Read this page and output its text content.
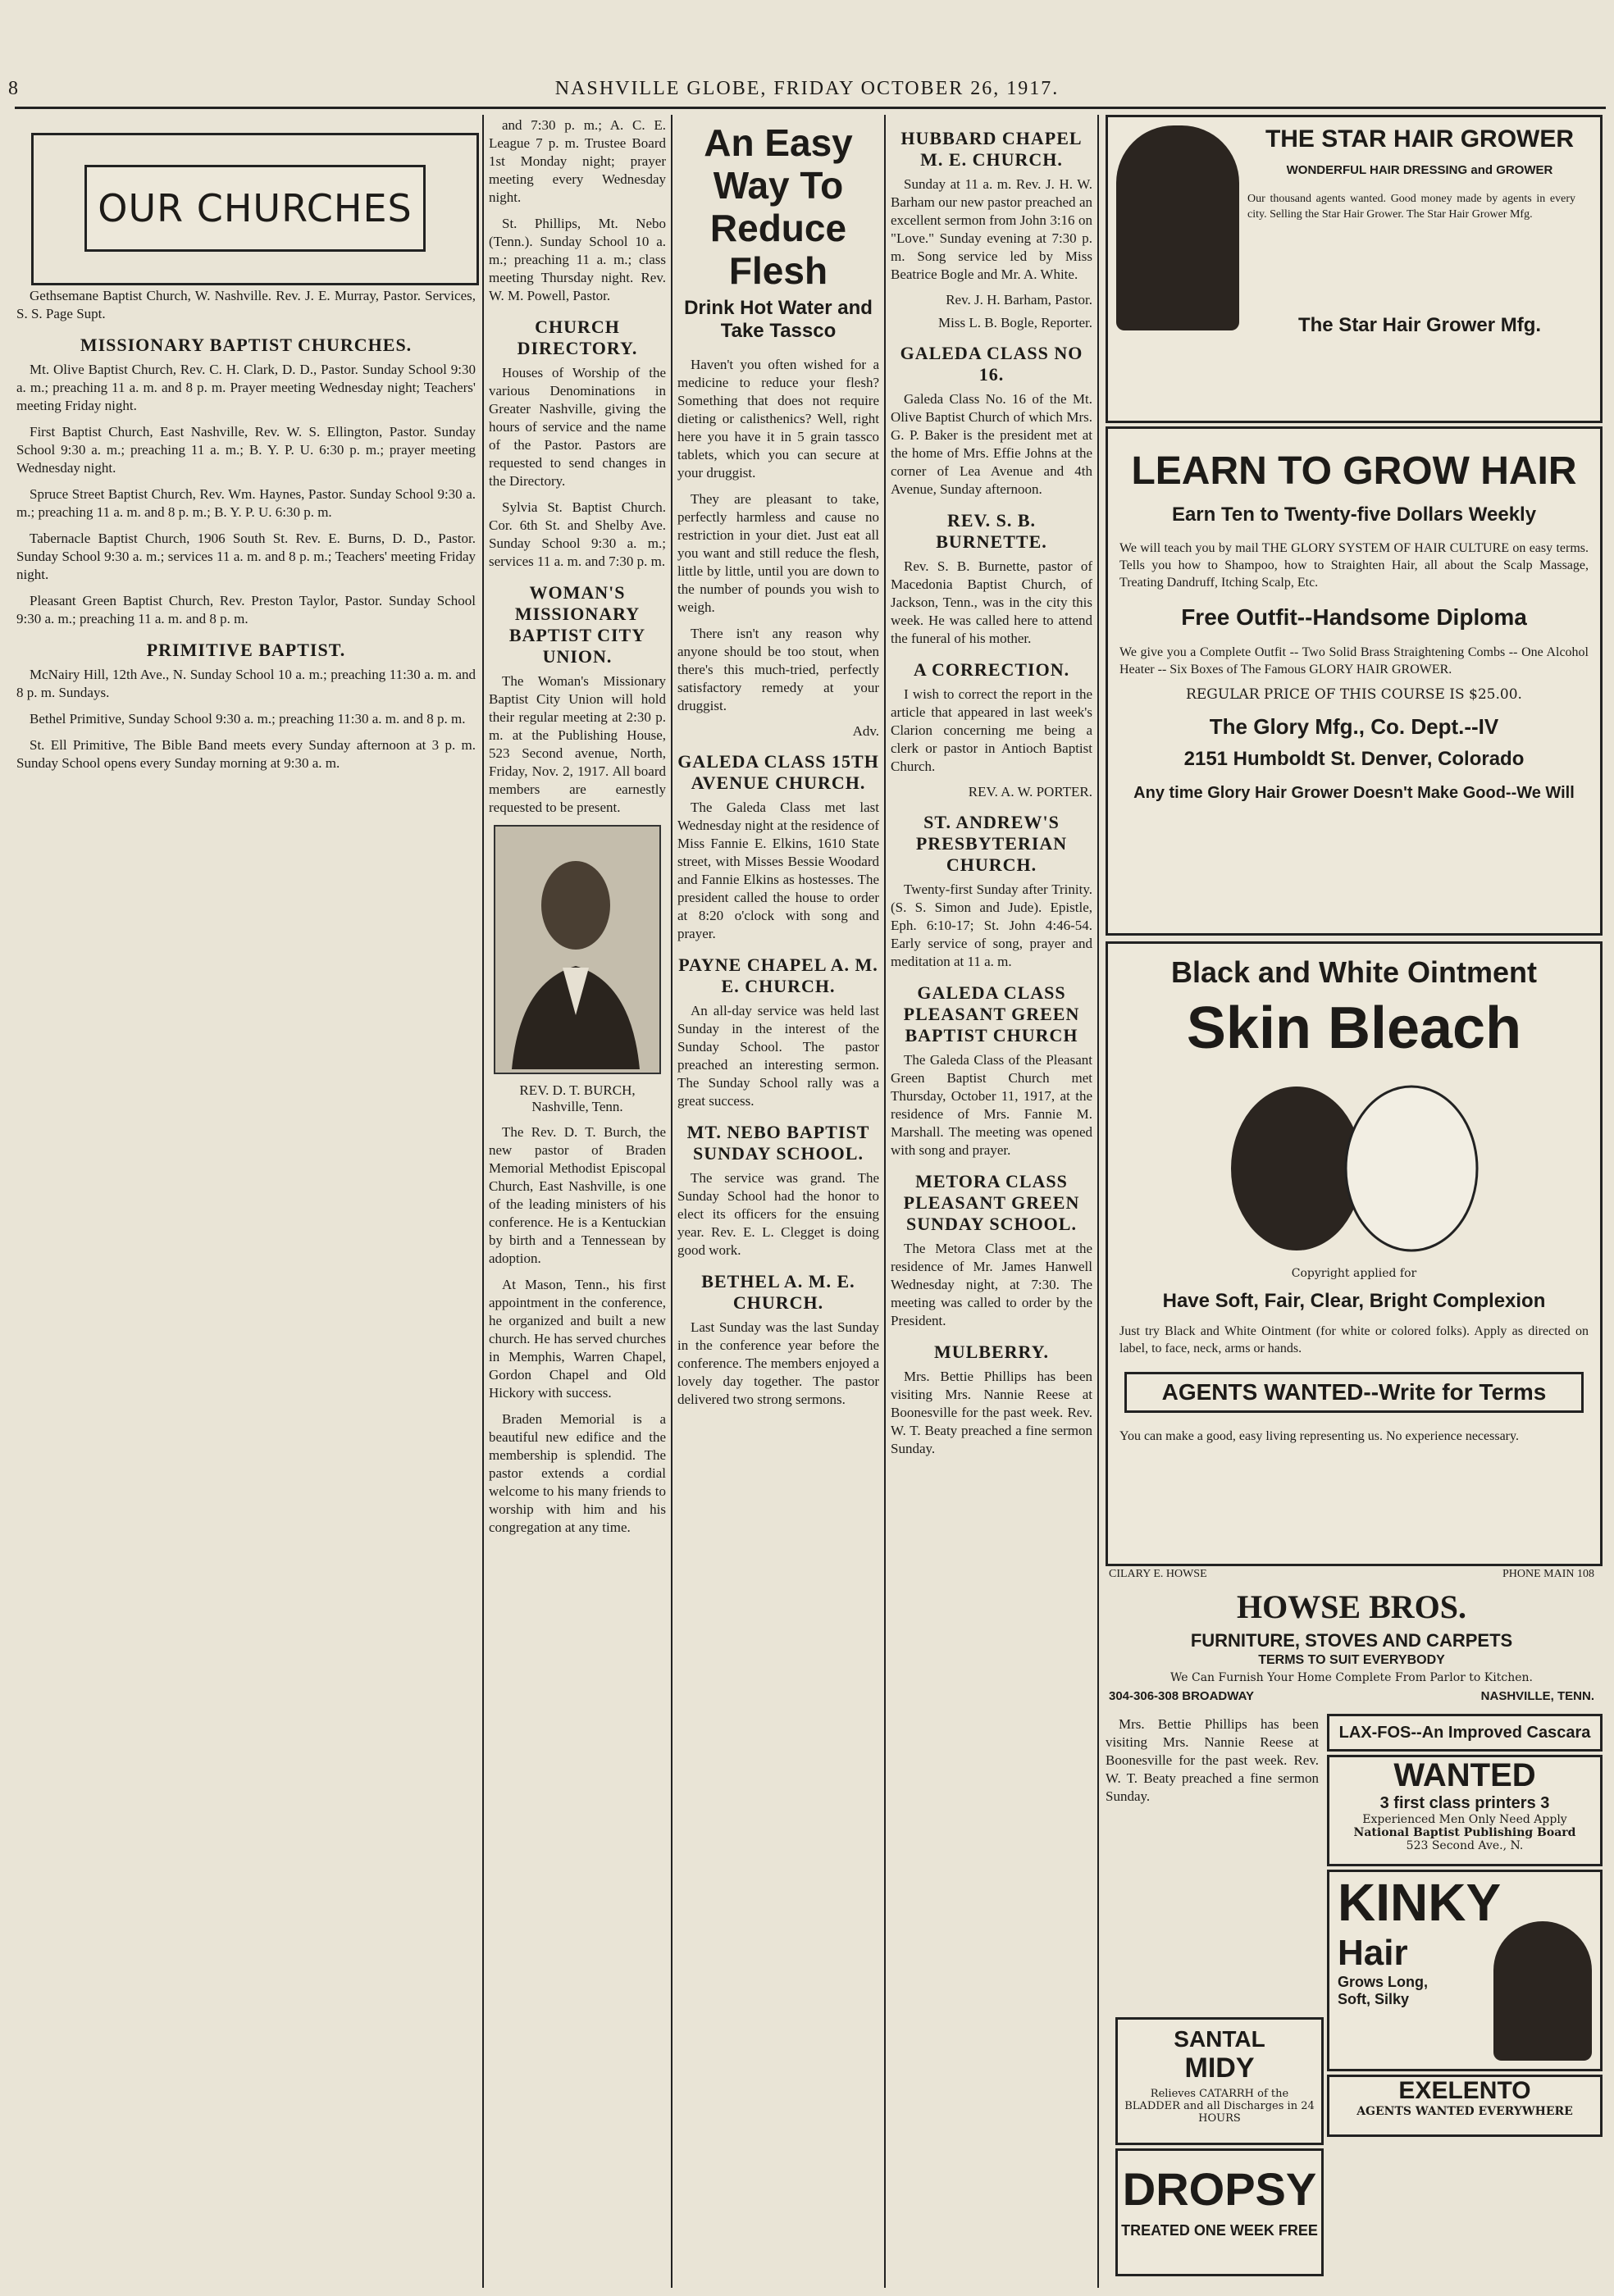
8	NASHVILLE GLOBE, FRIDAY OCTOBER 26, 1917.
OUR CHURCHES

Gethsemane Baptist Church, W. Nashville. Rev. J. E. Murray, Pastor. Services, S. S. Page Supt.

MISSIONARY BAPTIST CHURCHES.

Mt. Olive Baptist Church, Rev. C. H. Clark, D. D., Pastor. Sunday School 9:30 a. m.; preaching 11 a. m. and 8 p. m. Prayer meeting Wednesday night; Teachers' meeting Friday night.

First Baptist Church, East Nashville, Rev. W. S. Ellington, Pastor. Sunday School 9:30 a. m.; preaching 11 a. m.; B. Y. P. U. 6:30 p. m.; prayer meeting Wednesday night.

Spruce Street Baptist Church, Rev. Wm. Haynes, Pastor. Sunday School 9:30 a. m.; preaching 11 a. m. and 8 p. m.; B. Y. P. U. 6:30 p. m.

Tabernacle Baptist Church, 1906 South St. Rev. E. Burns, D. D., Pastor. Sunday School 9:30 a. m.; services 11 a. m. and 8 p. m.; Teachers' meeting Friday night.

Pleasant Green Baptist Church, Rev. Preston Taylor, Pastor. Sunday School 9:30 a. m.; preaching 11 a. m. and 8 p. m.

PRIMITIVE BAPTIST.

McNairy Hill, 12th Ave., N. Sunday School 10 a. m.; preaching 11:30 a. m. and 8 p. m. Sundays.

Bethel Primitive, Sunday School 9:30 a. m.; preaching 11:30 a. m. and 8 p. m.

St. Ell Primitive, The Bible Band meets every Sunday afternoon at 3 p. m. Sunday School opens every Sunday morning at 9:30 a. m.

and 7:30 p. m.; A. C. E. League 7 p. m. Trustee Board 1st Monday night; prayer meeting every Wednesday night.

St. Phillips, Mt. Nebo (Tenn.). Sunday School 10 a. m.; preaching 11 a. m.; class meeting Thursday night. Rev. W. M. Powell, Pastor.

CHURCH DIRECTORY.

Houses of Worship of the various Denominations in Greater Nashville, giving the hours of service and the name of the Pastor. Pastors are requested to send changes in the Directory.

Sylvia St. Baptist Church. Cor. 6th St. and Shelby Ave. Sunday School 9:30 a. m.; services 11 a. m. and 7:30 p. m.

WOMAN'S MISSIONARY BAPTIST CITY UNION.

The Woman's Missionary Baptist City Union will hold their regular meeting at 2:30 p. m. at the Publishing House, 523 Second avenue, North, Friday, Nov. 2, 1917. All board members are earnestly requested to be present.

REV. D. T. BURCH,
Nashville, Tenn.

The Rev. D. T. Burch, the new pastor of Braden Memorial Methodist Episcopal Church, East Nashville, is one of the leading ministers of his conference. He is a Kentuckian by birth and a Tennessean by adoption.

At Mason, Tenn., his first appointment in the conference, he organized and built a new church. He has served churches in Memphis, Warren Chapel, Gordon Chapel and Old Hickory with success.

Braden Memorial is a beautiful new edifice and the membership is splendid. The pastor extends a cordial welcome to his many friends to worship with him and his congregation at any time.

An Easy Way To Reduce Flesh
Drink Hot Water and Take Tassco

Haven't you often wished for a medicine to reduce your flesh? Something that does not require dieting or calisthenics? Well, right here you have it in 5 grain tassco tablets, which you can secure at your druggist.

They are pleasant to take, perfectly harmless and cause no restriction in your diet. Just eat all you want and still reduce the flesh, little by little, until you are down to the number of pounds you wish to weigh.

There isn't any reason why anyone should be too stout, when there's this much-tried, perfectly satisfactory remedy at your druggist.

Adv.
GALEDA CLASS 15TH AVENUE CHURCH.

The Galeda Class met last Wednesday night at the residence of Miss Fannie E. Elkins, 1610 State street, with Misses Bessie Woodard and Fannie Elkins as hostesses. The president called the house to order at 8:20 o'clock with song and prayer.

PAYNE CHAPEL A. M. E. CHURCH.

An all-day service was held last Sunday in the interest of the Sunday School. The pastor preached an interesting sermon. The Sunday School rally was a great success.

MT. NEBO BAPTIST SUNDAY SCHOOL.

The service was grand. The Sunday School had the honor to elect its officers for the ensuing year. Rev. E. L. Clegget is doing good work.

BETHEL A. M. E. CHURCH.

Last Sunday was the last Sunday in the conference year before the conference. The members enjoyed a lovely day together. The pastor delivered two strong sermons.

HUBBARD CHAPEL M. E. CHURCH.

Sunday at 11 a. m. Rev. J. H. W. Barham our new pastor preached an excellent sermon from John 3:16 on "Love." Sunday evening at 7:30 p. m. Song service led by Miss Beatrice Bogle and Mr. A. White.

Rev. J. H. Barham, Pastor.
Miss L. B. Bogle, Reporter.
GALEDA CLASS NO 16.

Galeda Class No. 16 of the Mt. Olive Baptist Church of which Mrs. G. P. Baker is the president met at the home of Mrs. Effie Johns at the corner of Lea Avenue and 4th Avenue, Sunday afternoon.

REV. S. B. BURNETTE.

Rev. S. B. Burnette, pastor of Macedonia Baptist Church, of Jackson, Tenn., was in the city this week. He was called here to attend the funeral of his mother.

A CORRECTION.

I wish to correct the report in the article that appeared in last week's Clarion concerning me being a clerk or pastor in Antioch Baptist Church.

REV. A. W. PORTER.
ST. ANDREW'S PRESBYTERIAN CHURCH.

Twenty-first Sunday after Trinity. (S. S. Simon and Jude). Epistle, Eph. 6:10-17; St. John 4:46-54. Early service of song, prayer and meditation at 11 a. m.

GALEDA CLASS PLEASANT GREEN BAPTIST CHURCH

The Galeda Class of the Pleasant Green Baptist Church met Thursday, October 11, 1917, at the residence of Mrs. Fannie M. Marshall. The meeting was opened with song and prayer.

METORA CLASS PLEASANT GREEN SUNDAY SCHOOL.

The Metora Class met at the residence of Mr. James Hanwell Wednesday night, at 7:30. The meeting was called to order by the President.

MULBERRY.

Mrs. Bettie Phillips has been visiting Mrs. Nannie Reese at Boonesville for the past week. Rev. W. T. Beaty preached a fine sermon Sunday.

THE STAR HAIR GROWER
WONDERFUL HAIR DRESSING and GROWER
Our thousand agents wanted. Good money made by agents in every city. Selling the Star Hair Grower. The Star Hair Grower Mfg.
The Star Hair Grower Mfg.
LEARN TO GROW HAIR
Earn Ten to Twenty-five Dollars Weekly

We will teach you by mail THE GLORY SYSTEM OF HAIR CULTURE on easy terms. Tells you how to Shampoo, how to Straighten Hair, all about the Scalp Massage, Treating Dandruff, Itching Scalp, Etc.

Free Outfit--Handsome Diploma

We give you a Complete Outfit -- Two Solid Brass Straightening Combs -- One Alcohol Heater -- Six Boxes of The Famous GLORY HAIR GROWER.

REGULAR PRICE OF THIS COURSE IS $25.00.
The Glory Mfg., Co. Dept.--IV
2151 Humboldt St. Denver, Colorado
Any time Glory Hair Grower Doesn't Make Good--We Will
Black and White Ointment
Skin Bleach
Copyright applied for
Have Soft, Fair, Clear, Bright Complexion

Just try Black and White Ointment (for white or colored folks). Apply as directed on label, to face, neck, arms or hands.

AGENTS WANTED--Write for Terms

You can make a good, easy living representing us. No experience necessary.

CILARY E. HOWSE	PHONE MAIN 108
HOWSE BROS.
FURNITURE, STOVES AND CARPETS
TERMS TO SUIT EVERYBODY
We Can Furnish Your Home Complete From Parlor to Kitchen.
304-306-308 BROADWAY	NASHVILLE, TENN.

Mrs. Bettie Phillips has been visiting Mrs. Nannie Reese at Boonesville for the past week. Rev. W. T. Beaty preached a fine sermon Sunday.

LAX-FOS--An Improved Cascara
WANTED
3 first class printers 3
Experienced Men Only Need Apply
National Baptist Publishing Board
523 Second Ave., N.
KINKY
Hair
Grows Long, Soft, Silky
SANTAL
MIDY
Relieves CATARRH of the BLADDER and all Discharges in 24 HOURS
EXELENTO
AGENTS WANTED EVERYWHERE
DROPSY
TREATED ONE WEEK FREE
